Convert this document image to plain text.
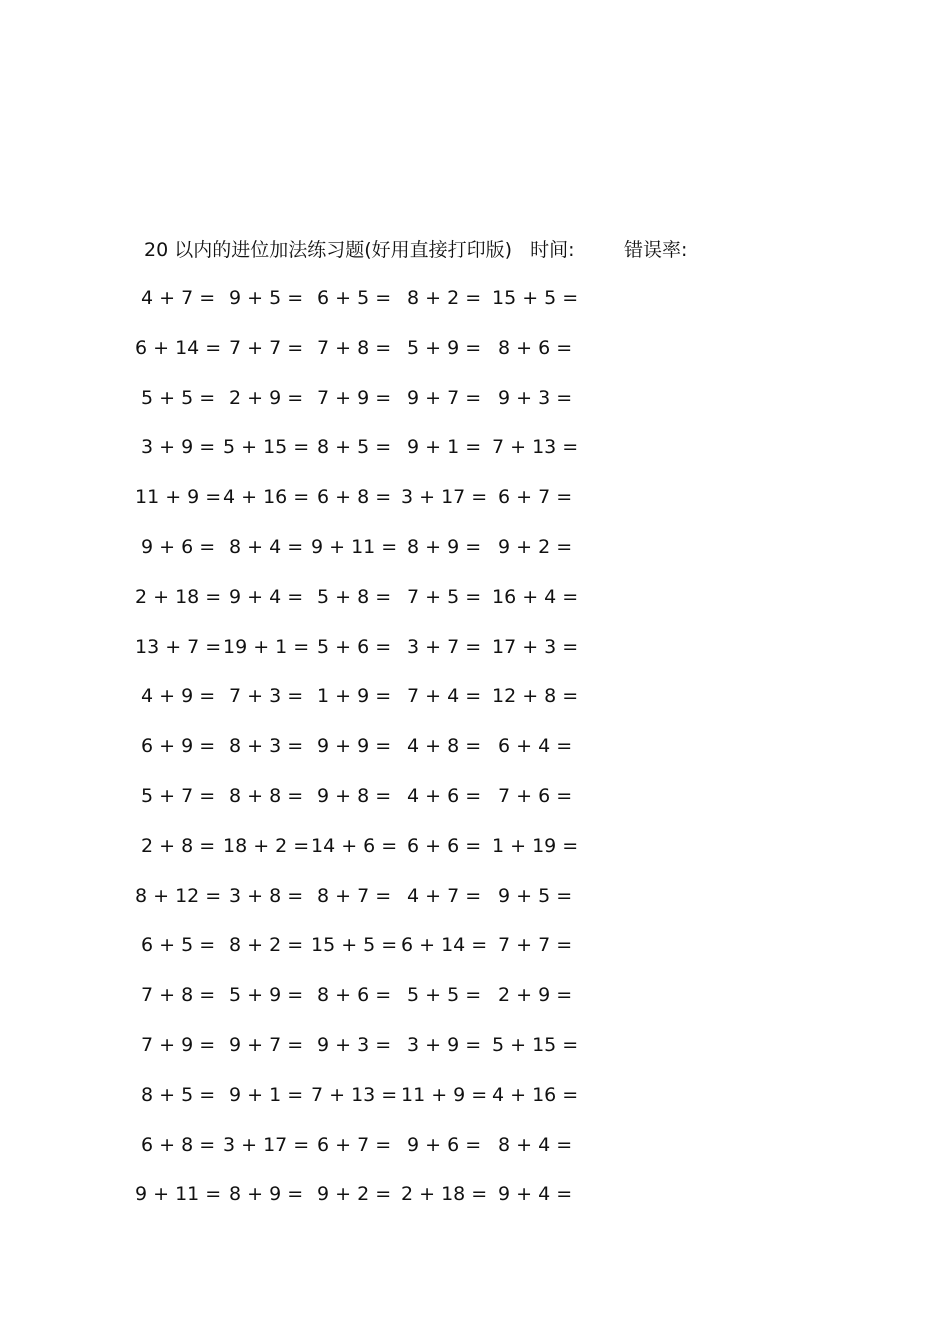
20 以内的进位加法练习题(好用直接打印版) 时间:	错误率:
4 + 7 = 9 + 5 = 6 + 5 = 8 + 2 = 15 + 5 =
6 + 14 = 7 + 7 = 7 + 8 = 5 + 9 = 8 + 6 =
5 + 5 = 2 + 9 = 7 + 9 = 9 + 7 = 9 + 3 =
3 + 9 = 5 + 15 = 8 + 5 = 9 + 1 = 7 + 13 =
11 + 9 = 4 + 16 = 6 + 8 = 3 + 17 = 6 + 7 =
9 + 6 = 8 + 4 = 9 + 11 = 8 + 9 = 9 + 2 =
2 + 18 = 9 + 4 = 5 + 8 = 7 + 5 = 16 + 4 =
13 + 7 = 19 + 1 = 5 + 6 = 3 + 7 = 17 + 3 =
4 + 9 = 7 + 3 = 1 + 9 = 7 + 4 = 12 + 8 =
6 + 9 = 8 + 3 = 9 + 9 = 4 + 8 = 6 + 4 =
5 + 7 = 8 + 8 = 9 + 8 = 4 + 6 = 7 + 6 =
2 + 8 = 18 + 2 = 14 + 6 = 6 + 6 = 1 + 19 =
8 + 12 = 3 + 8 = 8 + 7 = 4 + 7 = 9 + 5 =
6 + 5 = 8 + 2 = 15 + 5 = 6 + 14 = 7 + 7 =
7 + 8 = 5 + 9 = 8 + 6 = 5 + 5 = 2 + 9 =
7 + 9 = 9 + 7 = 9 + 3 = 3 + 9 = 5 + 15 =
8 + 5 = 9 + 1 = 7 + 13 = 11 + 9 = 4 + 16 =
6 + 8 = 3 + 17 = 6 + 7 = 9 + 6 = 8 + 4 =
9 + 11 = 8 + 9 = 9 + 2 = 2 + 18 = 9 + 4 =
